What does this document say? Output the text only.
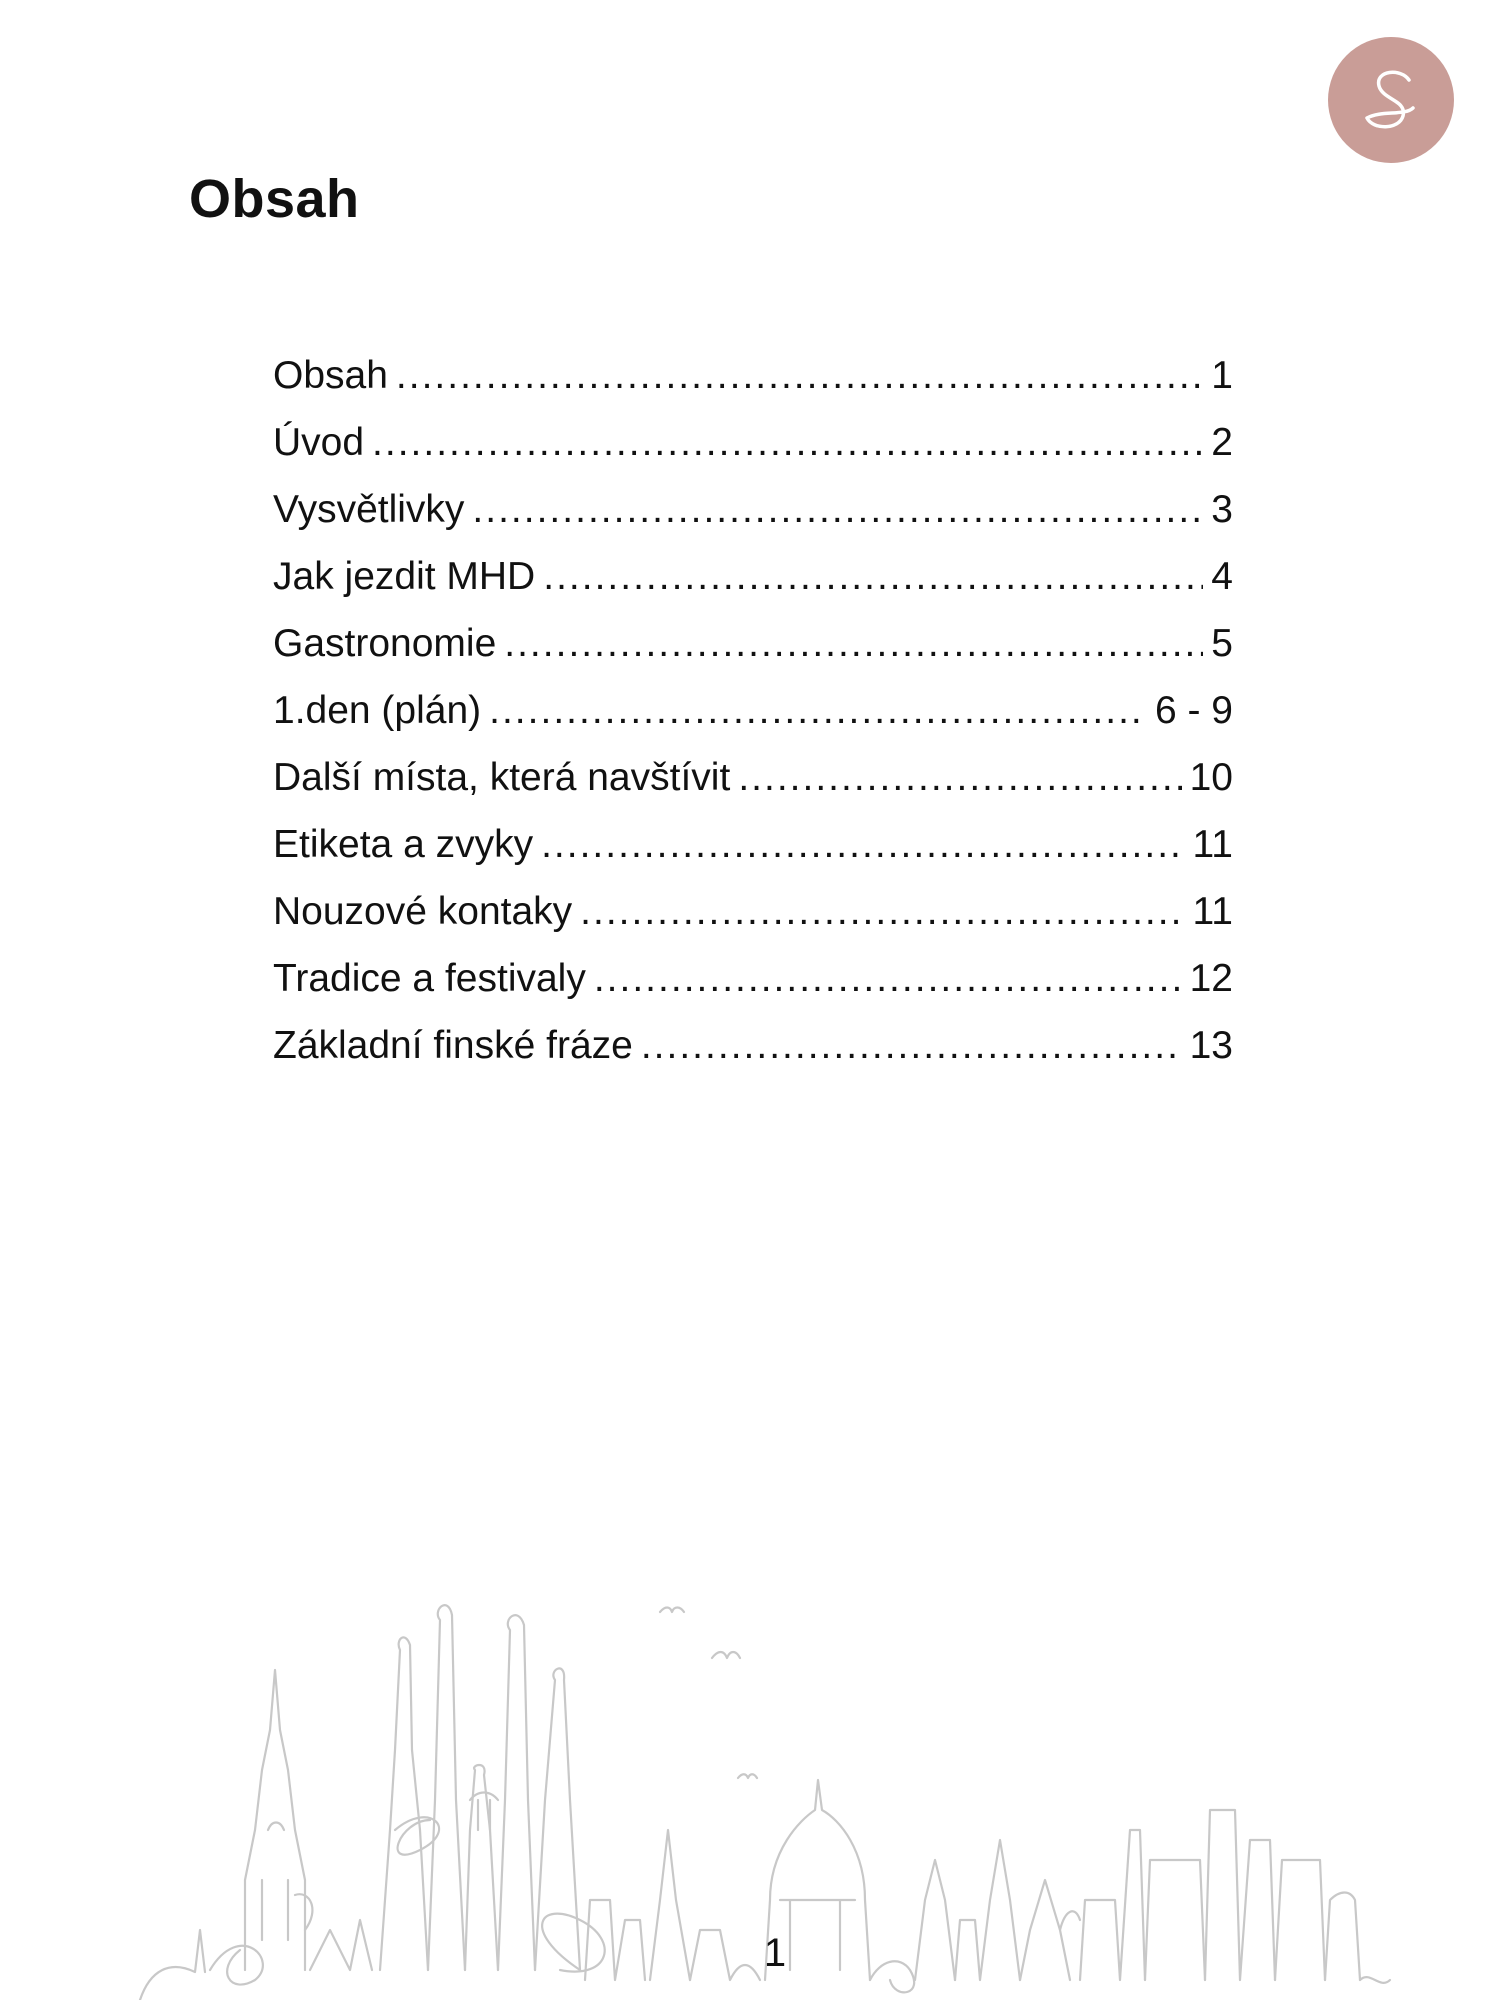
Obsah
Obsah .....	1
Úvod .....	2
Vysvětlivky .....	3
Jak jezdit MHD .....	4
Gastronomie .....	5
1.den (plán) .....	6 - 9
Další místa, která navštívit .....	10
Etiketa a zvyky .....	11
Nouzové kontaky .....	11
Tradice a festivaly .....	12
Základní finské fráze .....	13
1
